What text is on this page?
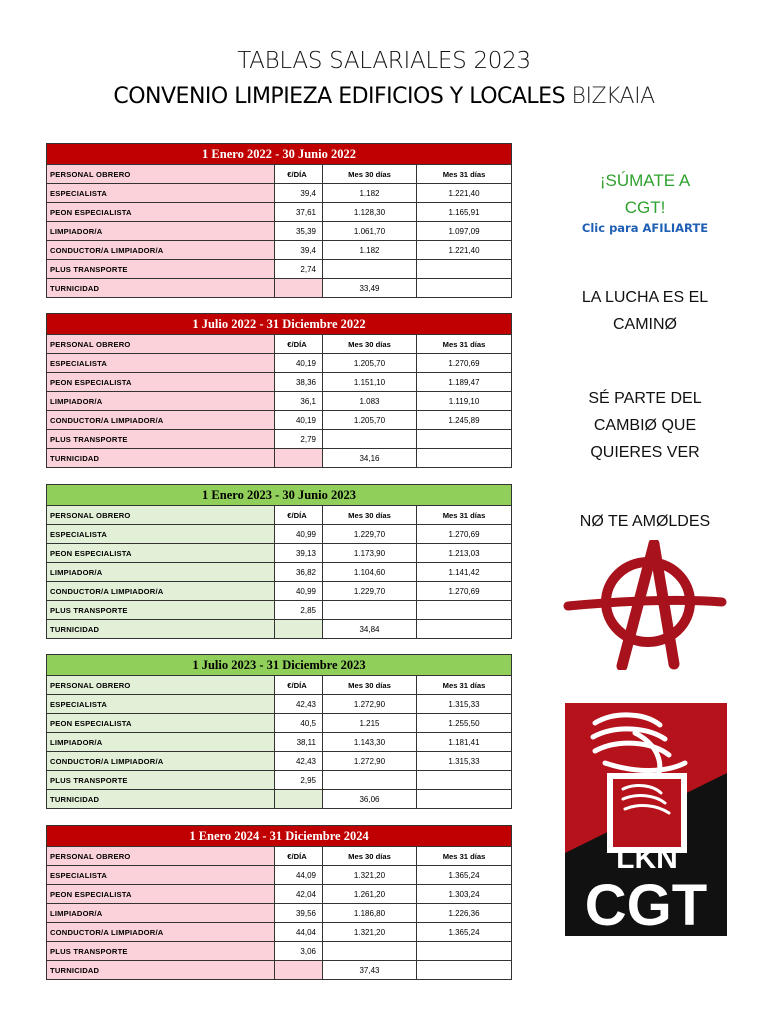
TABLAS SALARIALES 2023
CONVENIO LIMPIEZA EDIFICIOS Y LOCALES BIZKAIA
1 Enero 2022 - 30 Junio 2022			
PERSONAL OBRERO	€/DÍA	Mes 30 días	Mes 31 días
ESPECIALISTA	39,4	1.182	1.221,40
PEON ESPECIALISTA	37,61	1.128,30	1.165,91
LIMPIADOR/A	35,39	1.061,70	1.097,09
CONDUCTOR/A LIMPIADOR/A	39,4	1.182	1.221,40
PLUS TRANSPORTE	2,74		
TURNICIDAD		33,49	
1 Julio 2022 - 31 Diciembre 2022			
PERSONAL OBRERO	€/DÍA	Mes 30 días	Mes 31 días
ESPECIALISTA	40,19	1.205,70	1.270,69
PEON ESPECIALISTA	38,36	1.151,10	1.189,47
LIMPIADOR/A	36,1	1.083	1.119,10
CONDUCTOR/A LIMPIADOR/A	40,19	1.205,70	1.245,89
PLUS TRANSPORTE	2,79		
TURNICIDAD		34,16	
1 Enero 2023 - 30 Junio 2023			
PERSONAL OBRERO	€/DÍA	Mes 30 días	Mes 31 días
ESPECIALISTA	40,99	1.229,70	1.270,69
PEON ESPECIALISTA	39,13	1.173,90	1.213,03
LIMPIADOR/A	36,82	1.104,60	1.141,42
CONDUCTOR/A LIMPIADOR/A	40,99	1.229,70	1.270,69
PLUS TRANSPORTE	2,85		
TURNICIDAD		34,84	
1 Julio 2023 - 31 Diciembre 2023			
PERSONAL OBRERO	€/DÍA	Mes 30 días	Mes 31 días
ESPECIALISTA	42,43	1.272,90	1.315,33
PEON ESPECIALISTA	40,5	1.215	1.255,50
LIMPIADOR/A	38,11	1.143,30	1.181,41
CONDUCTOR/A LIMPIADOR/A	42,43	1.272,90	1.315,33
PLUS TRANSPORTE	2,95		
TURNICIDAD		36,06	
1 Enero 2024 - 31 Diciembre 2024			
PERSONAL OBRERO	€/DÍA	Mes 30 días	Mes 31 días
ESPECIALISTA	44,09	1.321,20	1.365,24
PEON ESPECIALISTA	42,04	1.261,20	1.303,24
LIMPIADOR/A	39,56	1.186,80	1.226,36
CONDUCTOR/A LIMPIADOR/A	44,04	1.321,20	1.365,24
PLUS TRANSPORTE	3,06		
TURNICIDAD		37,43	
¡SÚMATE A
CGT!
Clic para AFILIARTE
LA LUCHA ES EL
CAMINØ
SÉ PARTE DEL
CAMBIØ QUE
QUIERES VER
NØ TE AMØLDES
LKN
CGT
